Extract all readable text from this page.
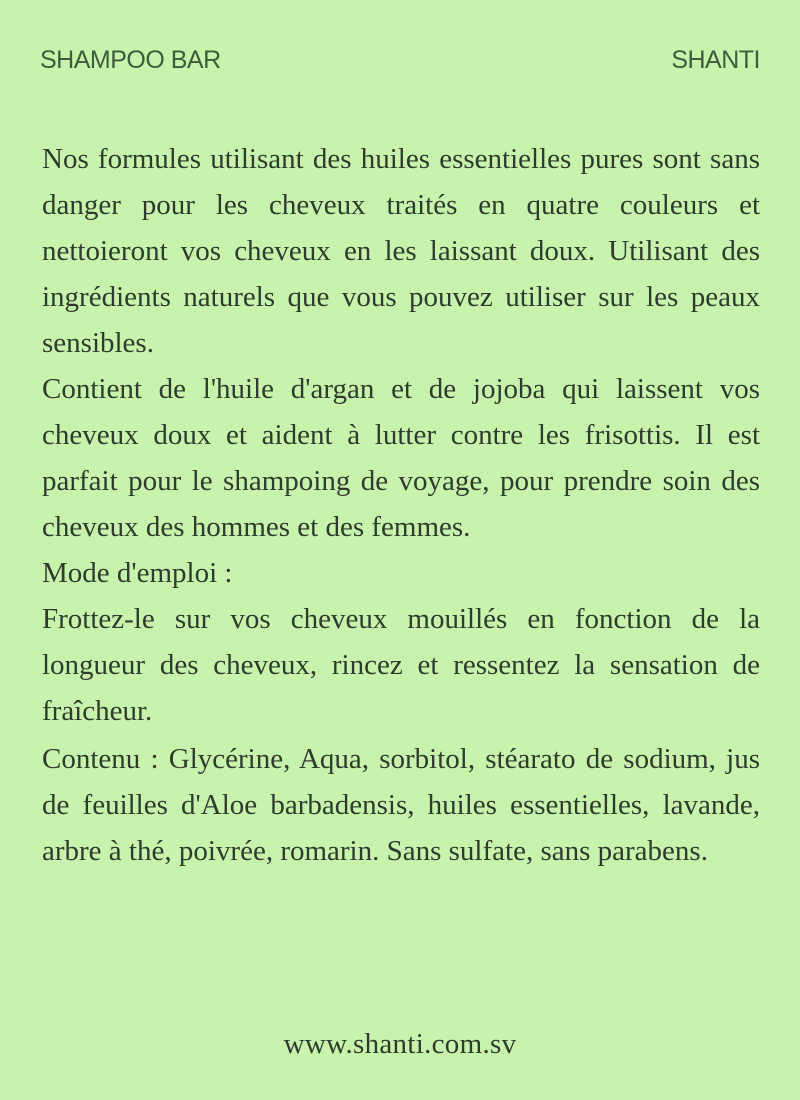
SHAMPOO BAR	SHANTI

Nos formules utilisant des huiles essentielles pures sont sans danger pour les cheveux traités en quatre couleurs et nettoieront vos cheveux en les laissant doux. Utilisant des ingrédients naturels que vous pouvez utiliser sur les peaux sensibles.

Contient de l'huile d'argan et de jojoba qui laissent vos cheveux doux et aident à lutter contre les frisottis. Il est parfait pour le shampoing de voyage, pour prendre soin des cheveux des hommes et des femmes.

Mode d'emploi :

Frottez-le sur vos cheveux mouillés en fonction de la longueur des cheveux, rincez et ressentez la sensation de fraîcheur.

Contenu : Glycérine, Aqua, sorbitol, stéarato de sodium, jus de feuilles d'Aloe barbadensis, huiles essentielles, lavande, arbre à thé, poivrée, romarin. Sans sulfate, sans parabens.

www.shanti.com.sv
